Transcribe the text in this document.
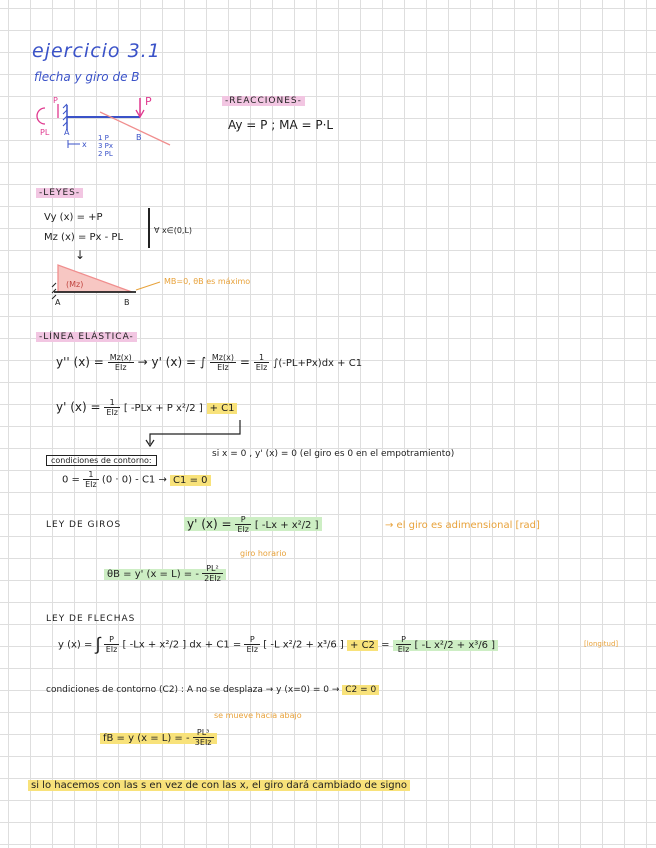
ejercicio 3.1
flecha y giro de B
P	P
PL A
B
x
1 P
3 Px
2 PL
-REACCIONES-
Ay = P ; MA = P·L
-LEYES-
Vy (x) = +P
Mz (x) = Px - PL
∀ x∈(0,L)
↓
(Mz)
A	B
MB=0, θB es máximo
-LÍNEA ELÁSTICA-
y'' $(x) = \frac{Mz(x)}{\text{EIz}} \to y'$ (x) = ∫ $\frac{Mz(x)}{\text{EIz}} = \frac{1}{\text{EIz}} \int(-PL+Px)dx + C1$
y' $(x) = \frac{1}{\text{EIz}}$ [ -PLx + P x²/2 ] + C1
condiciones de contorno:
si x = 0 , y' (x) = 0 (el giro es 0 en el empotramiento)
$0 = \frac{1}{\text{EIz}} (0 \cdot 0) - C1 \to C1 = 0$
LEY DE GIROS	y' $(x) = \frac{P}{\text{EIz}}$ [ -Lx + x²/2 ]	→ el giro es adimensional [rad]
giro horario
θB = y' (x = L) = - $\frac{\text{PL²}}{\text{2EIz}}$
LEY DE FLECHAS
y (x) = ∫ $\frac{P}{\text{EIz}}$ [ -Lx + x²/2 ] dx + $C1 = \frac{P}{\text{EIz}}$ [ -L x²/2 + x³/6 ] + $C2 = \frac{P}{\text{EIz}}$ [ -L x²/2 + x³/6 ]	[longitud]
condiciones de contorno (C2) : A no se desplaza → y (x=0) = 0 → C2 = 0
se mueve hacia abajo
fB = y (x = L) = - $\frac{\text{PL³}}{\text{3EIz}}$
si lo hacemos con las s en vez de con las x, el giro dará cambiado de signo
